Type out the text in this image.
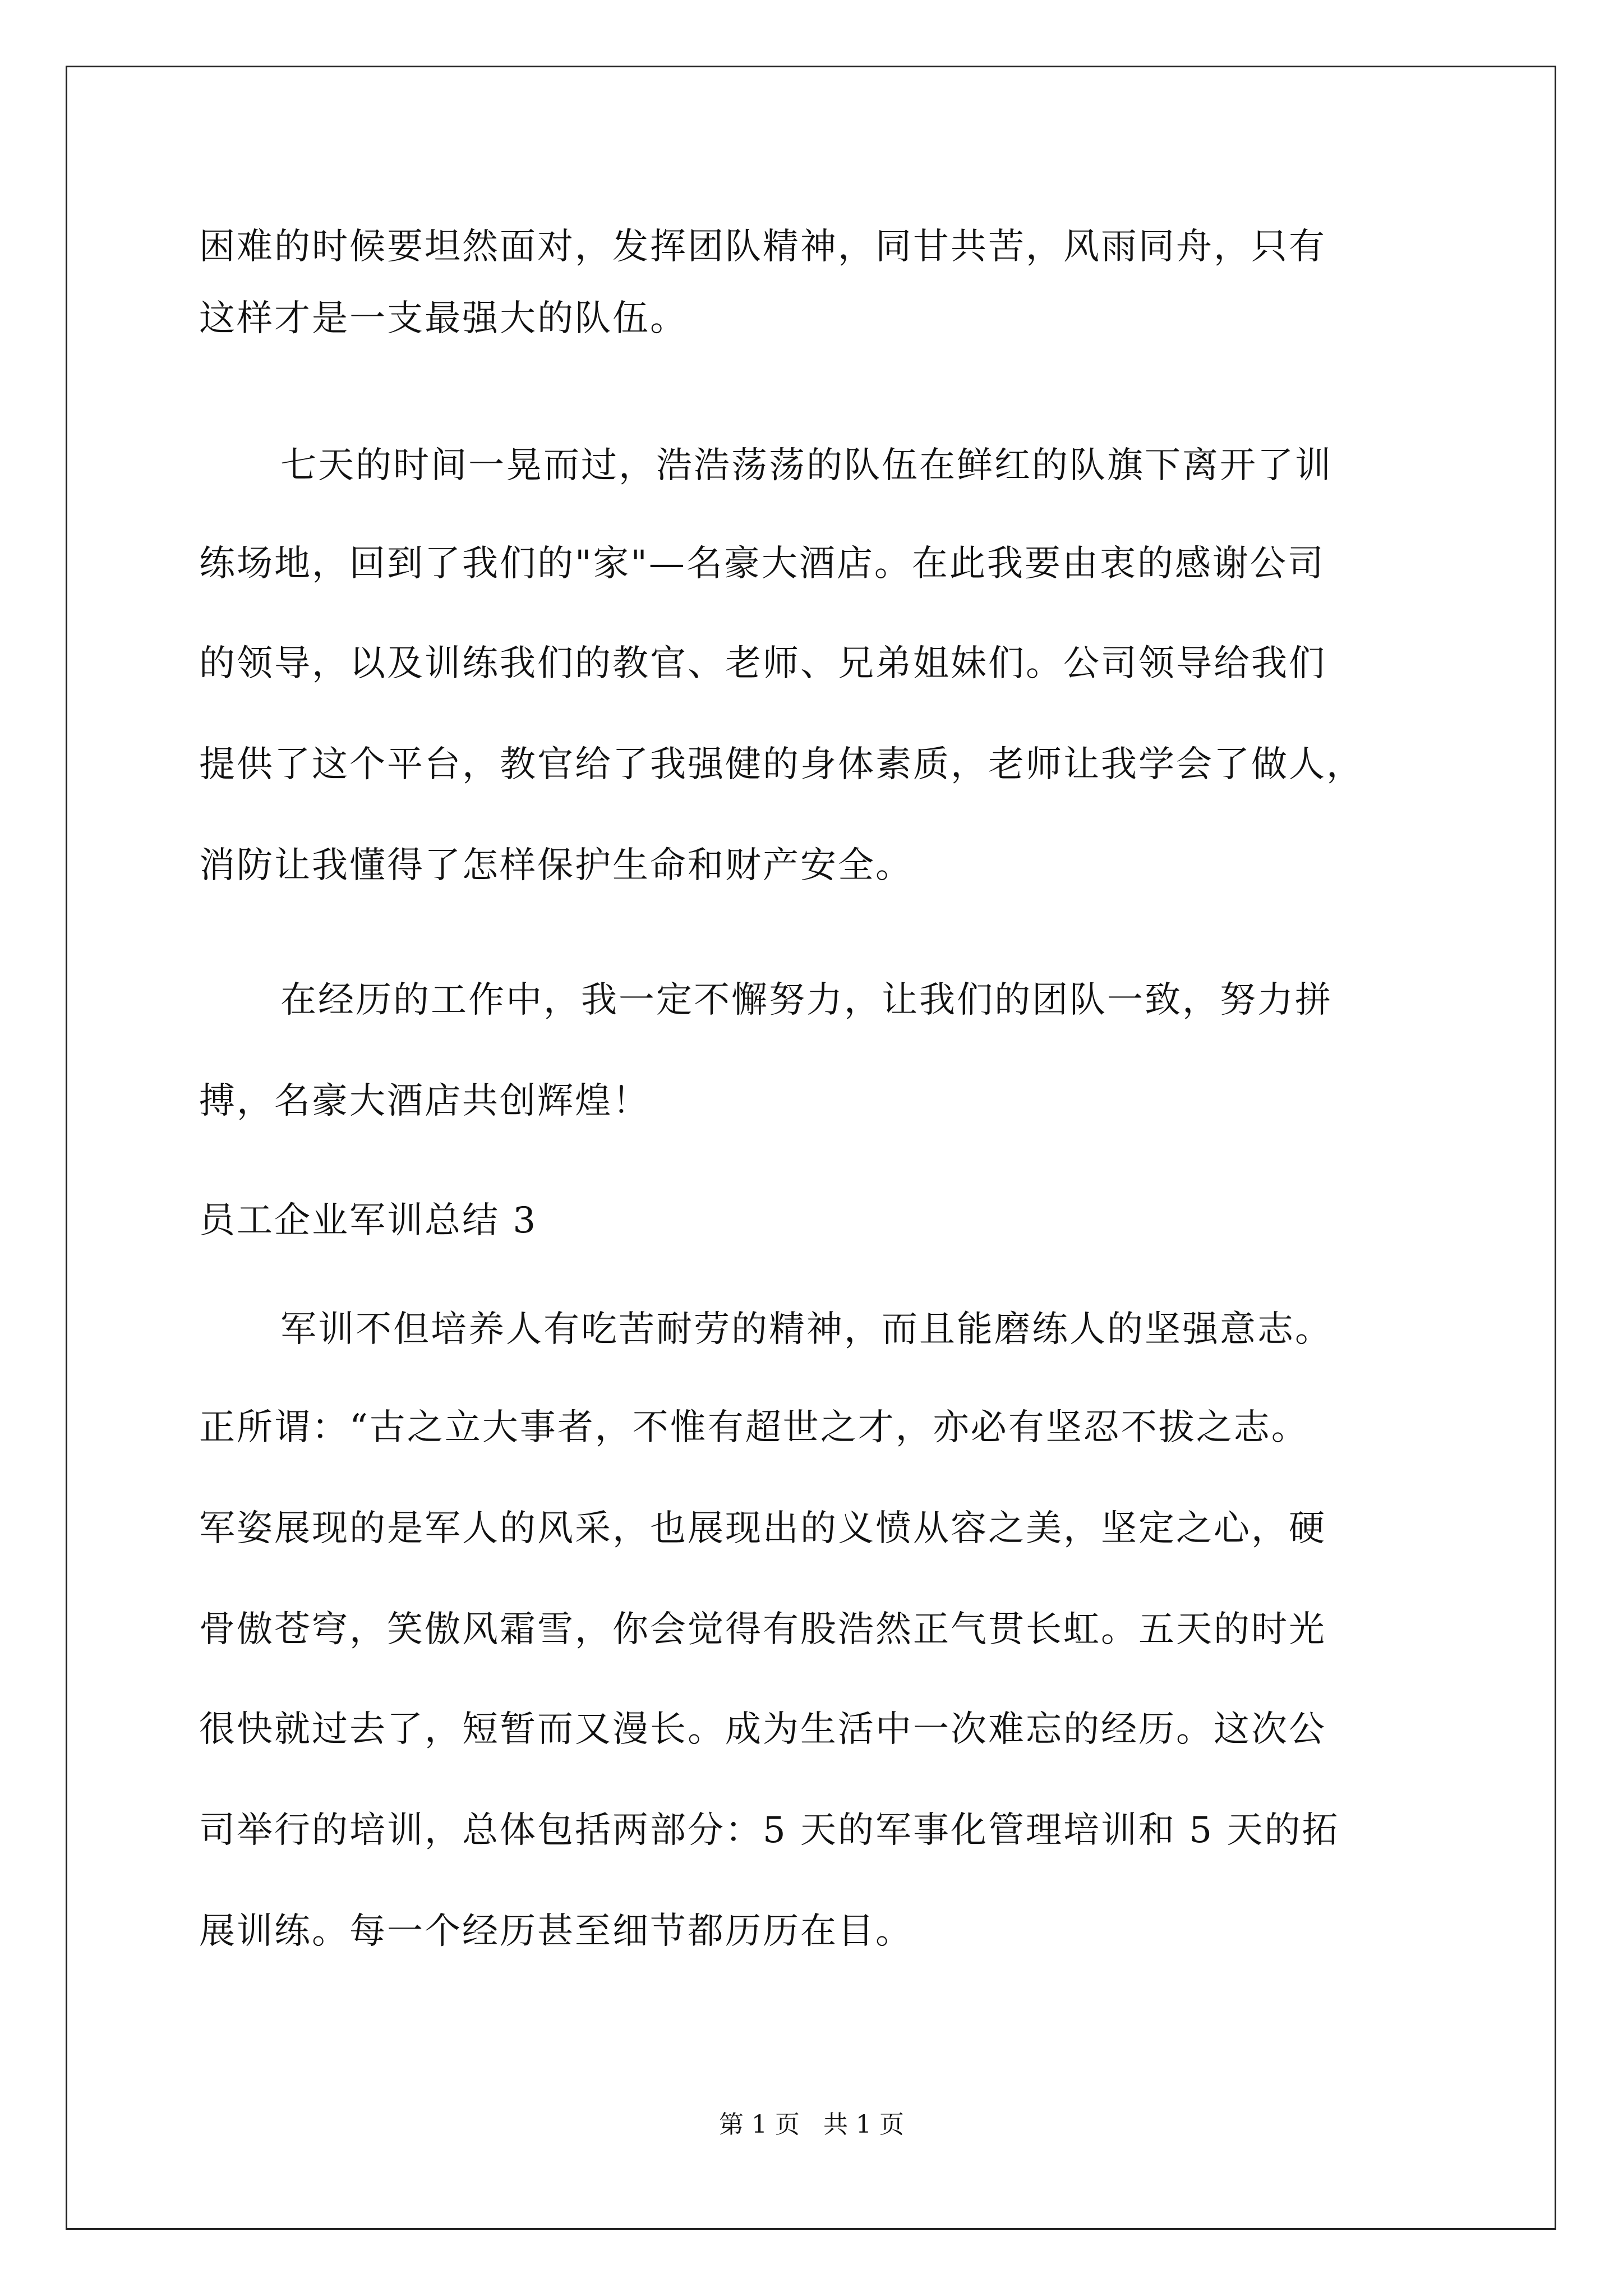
困难的时候要坦然面对，发挥团队精神，同甘共苦，风雨同舟，只有
这样才是一支最强大的队伍。
七天的时间一晃而过，浩浩荡荡的队伍在鲜红的队旗下离开了训
练场地，回到了我们的"家"—名豪大酒店。在此我要由衷的感谢公司
的领导，以及训练我们的教官、老师、兄弟姐妹们。公司领导给我们
提供了这个平台，教官给了我强健的身体素质，老师让我学会了做人，
消防让我懂得了怎样保护生命和财产安全。
在经历的工作中，我一定不懈努力，让我们的团队一致，努力拼
搏，名豪大酒店共创辉煌！
员工企业军训总结 3
军训不但培养人有吃苦耐劳的精神，而且能磨练人的坚强意志。
正所谓：“古之立大事者，不惟有超世之才，亦必有坚忍不拔之志。
军姿展现的是军人的风采，也展现出的义愤从容之美，坚定之心，硬
骨傲苍穹，笑傲风霜雪，你会觉得有股浩然正气贯长虹。五天的时光
很快就过去了，短暂而又漫长。成为生活中一次难忘的经历。这次公
司举行的培训，总体包括两部分：5 天的军事化管理培训和 5 天的拓
展训练。每一个经历甚至细节都历历在目。
第 1 页   共 1 页
